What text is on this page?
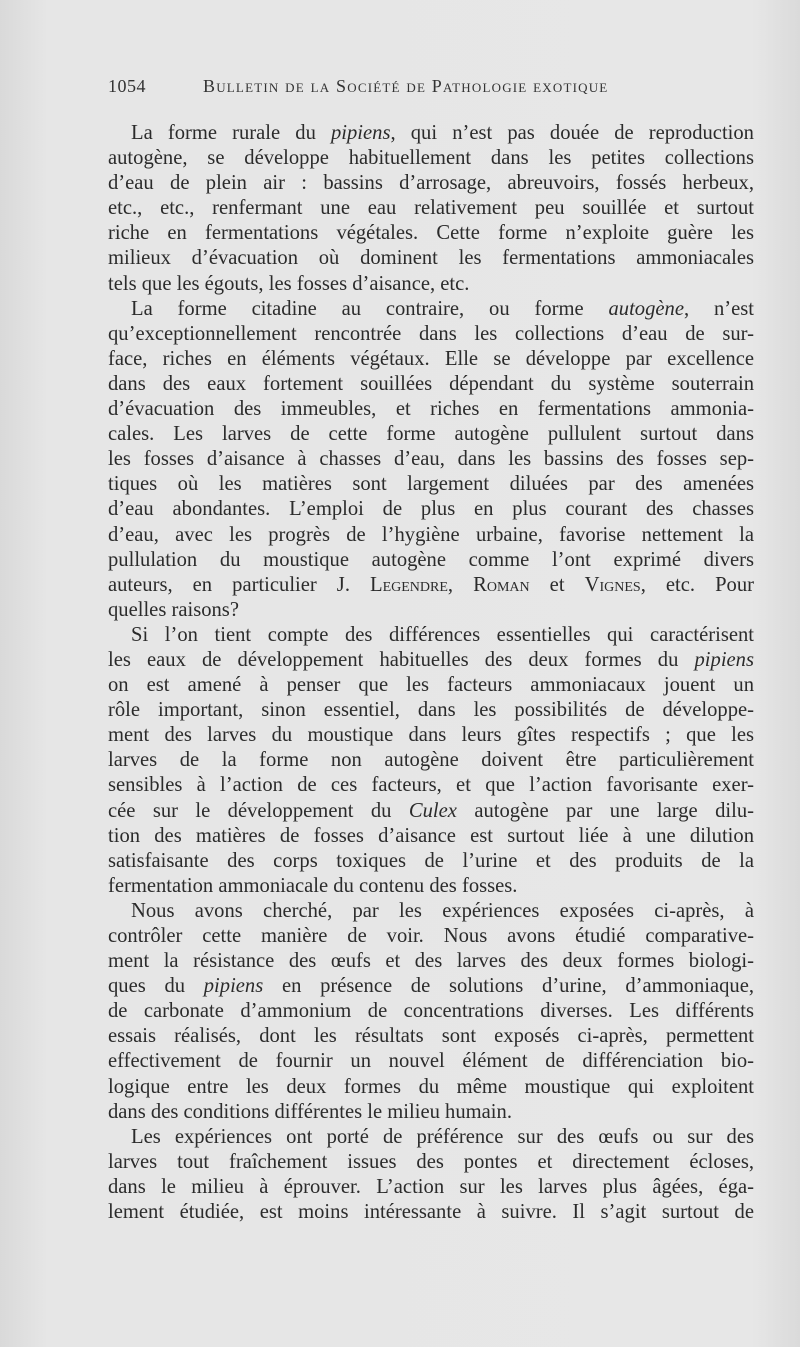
1054	Bulletin de la Société de Pathologie exotique
La forme rurale du pipiens, qui n’est pas douée de reproduction
autogène, se développe habituellement dans les petites collections
d’eau de plein air : bassins d’arrosage, abreuvoirs, fossés herbeux,
etc., etc., renfermant une eau relativement peu souillée et surtout
riche en fermentations végétales. Cette forme n’exploite guère les
milieux d’évacuation où dominent les fermentations ammoniacales
tels que les égouts, les fosses d’aisance, etc.
La forme citadine au contraire, ou forme autogène, n’est
qu’exceptionnellement rencontrée dans les collections d’eau de sur-
face, riches en éléments végétaux. Elle se développe par excellence
dans des eaux fortement souillées dépendant du système souterrain
d’évacuation des immeubles, et riches en fermentations ammonia-
cales. Les larves de cette forme autogène pullulent surtout dans
les fosses d’aisance à chasses d’eau, dans les bassins des fosses sep-
tiques où les matières sont largement diluées par des amenées
d’eau abondantes. L’emploi de plus en plus courant des chasses
d’eau, avec les progrès de l’hygiène urbaine, favorise nettement la
pullulation du moustique autogène comme l’ont exprimé divers
auteurs, en particulier J. Legendre, Roman et Vignes, etc. Pour
quelles raisons?
Si l’on tient compte des différences essentielles qui caractérisent
les eaux de développement habituelles des deux formes du pipiens
on est amené à penser que les facteurs ammoniacaux jouent un
rôle important, sinon essentiel, dans les possibilités de développe-
ment des larves du moustique dans leurs gîtes respectifs ; que les
larves de la forme non autogène doivent être particulièrement
sensibles à l’action de ces facteurs, et que l’action favorisante exer-
cée sur le développement du Culex autogène par une large dilu-
tion des matières de fosses d’aisance est surtout liée à une dilution
satisfaisante des corps toxiques de l’urine et des produits de la
fermentation ammoniacale du contenu des fosses.
Nous avons cherché, par les expériences exposées ci-après, à
contrôler cette manière de voir. Nous avons étudié comparative-
ment la résistance des œufs et des larves des deux formes biologi-
ques du pipiens en présence de solutions d’urine, d’ammoniaque,
de carbonate d’ammonium de concentrations diverses. Les différents
essais réalisés, dont les résultats sont exposés ci-après, permettent
effectivement de fournir un nouvel élément de différenciation bio-
logique entre les deux formes du même moustique qui exploitent
dans des conditions différentes le milieu humain.
Les expériences ont porté de préférence sur des œufs ou sur des
larves tout fraîchement issues des pontes et directement écloses,
dans le milieu à éprouver. L’action sur les larves plus âgées, éga-
lement étudiée, est moins intéressante à suivre. Il s’agit surtout de
